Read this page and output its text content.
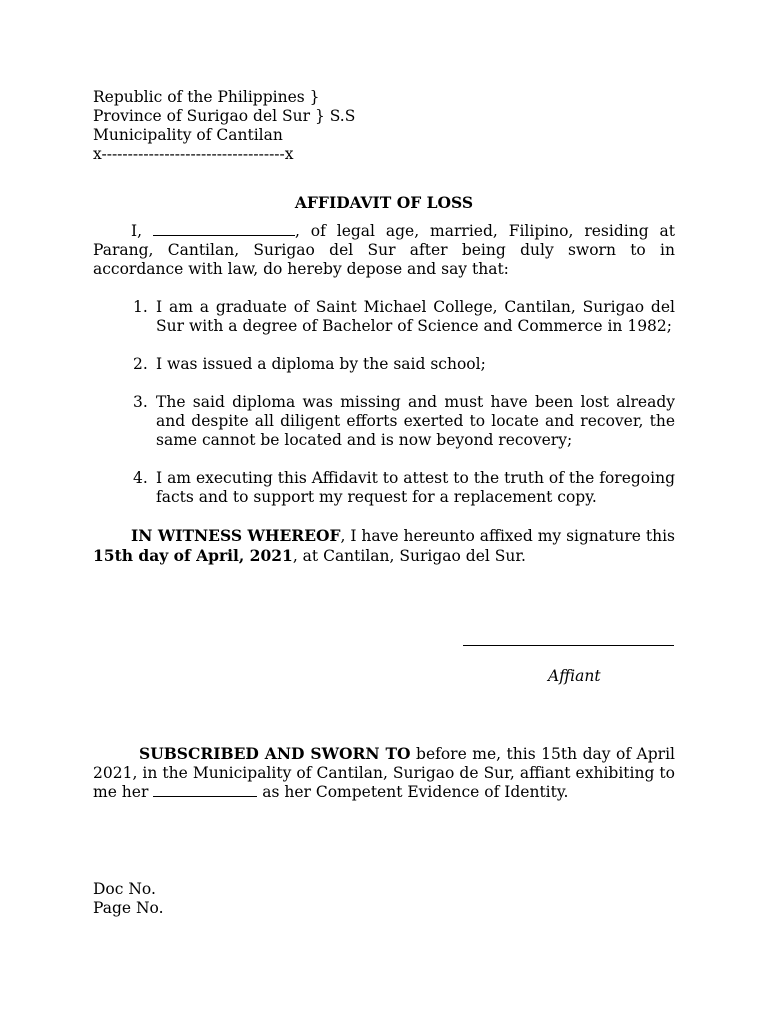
Republic of the Philippines }
Province of Surigao del Sur } S.S
Municipality of Cantilan
x-----------------------------------x
AFFIDAVIT OF LOSS
I,	, of legal age, married, Filipino, residing at Parang, Cantilan, Surigao del Sur after being duly sworn to in accordance with law, do hereby depose and say that:
1. I am a graduate of Saint Michael College, Cantilan, Surigao del Sur with a degree of Bachelor of Science and Commerce in 1982;
2. I was issued a diploma by the said school;
3. The said diploma was missing and must have been lost already and despite all diligent efforts exerted to locate and recover, the same cannot be located and is now beyond recovery;
4. I am executing this Affidavit to attest to the truth of the foregoing facts and to support my request for a replacement copy.
IN WITNESS WHEREOF, I have hereunto affixed my signature this 15th day of April, 2021, at Cantilan, Surigao del Sur.
Affiant
SUBSCRIBED AND SWORN TO before me, this 15th day of April 2021, in the Municipality of Cantilan, Surigao de Sur, affiant exhibiting to me her	as her Competent Evidence of Identity.
Doc No.
Page No.
